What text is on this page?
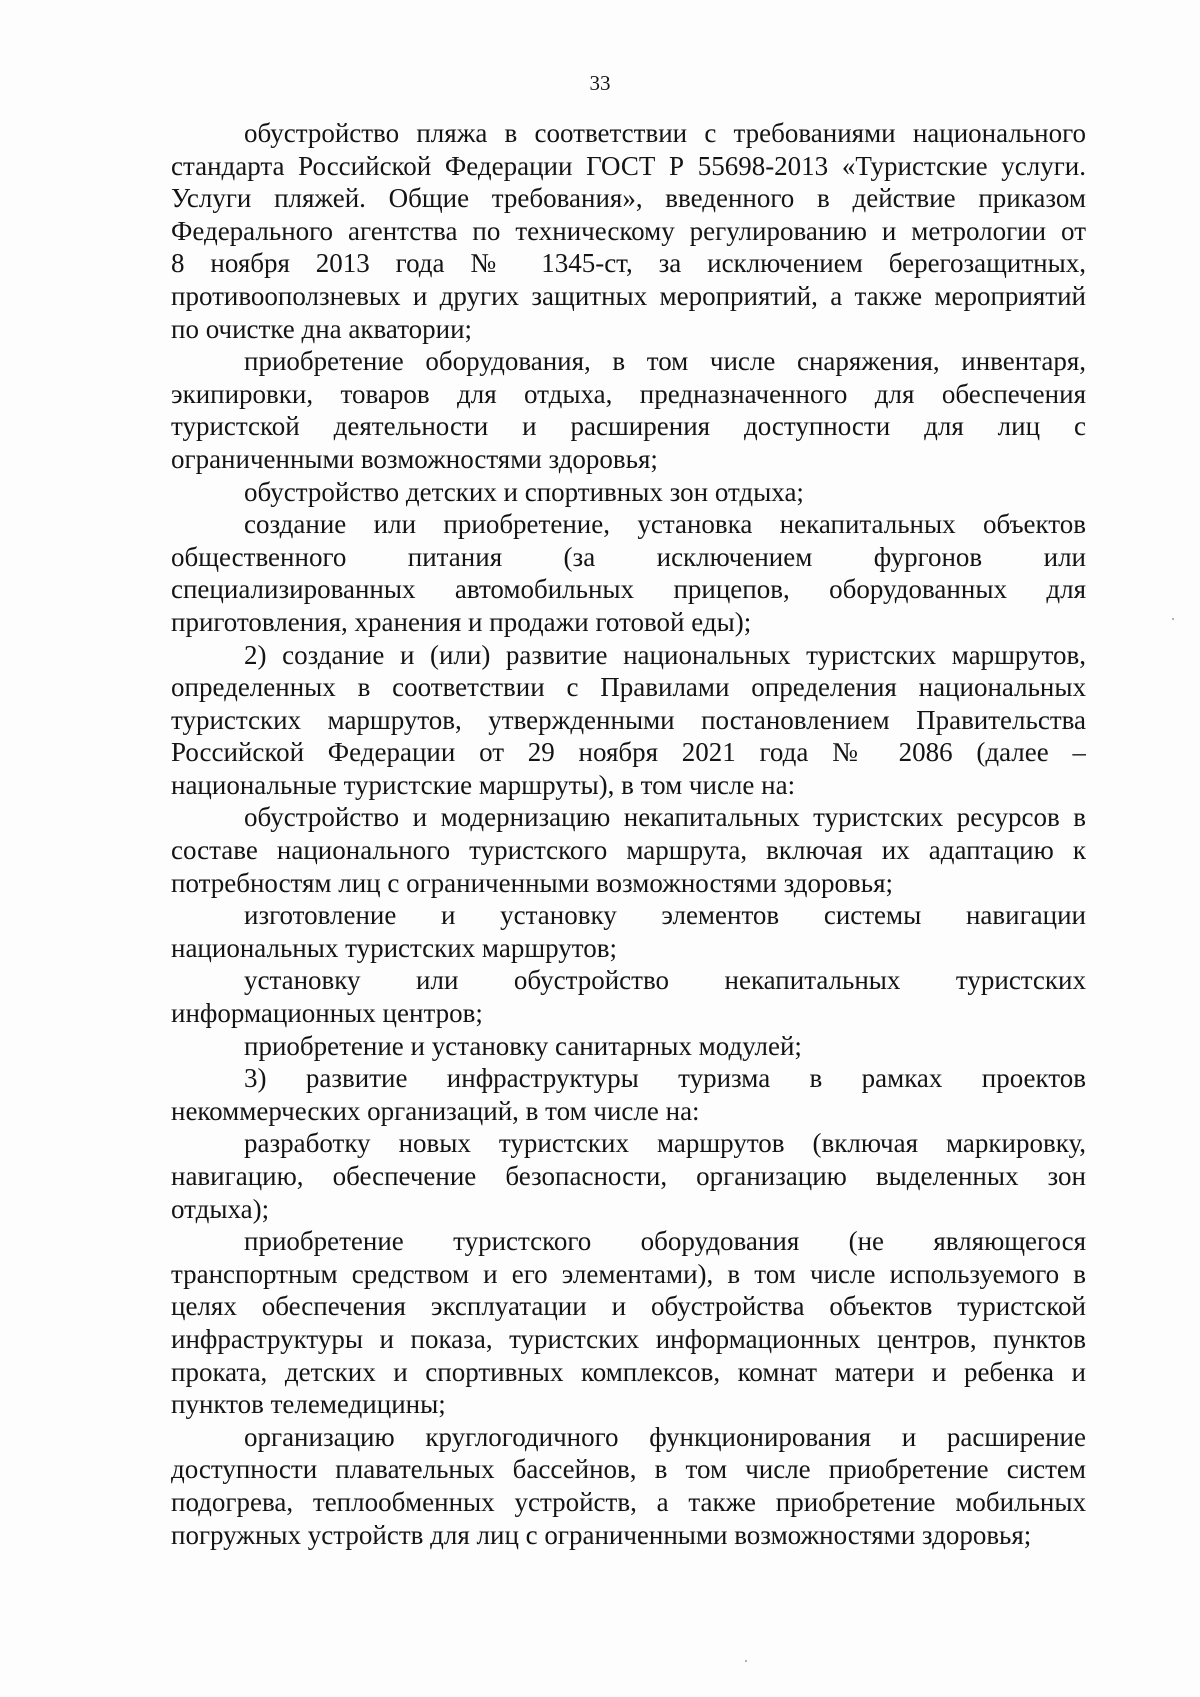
33
обустройство пляжа в соответствии с требованиями национального
стандарта Российской Федерации ГОСТ Р 55698-2013 «Туристские услуги.
Услуги пляжей. Общие требования», введенного в действие приказом
Федерального агентства по техническому регулированию и метрологии от
8 ноября 2013 года № 1345-ст, за исключением берегозащитных,
противооползневых и других защитных мероприятий, а также мероприятий
по очистке дна акватории;
приобретение оборудования, в том числе снаряжения, инвентаря,
экипировки, товаров для отдыха, предназначенного для обеспечения
туристской деятельности и расширения доступности для лиц с
ограниченными возможностями здоровья;
обустройство детских и спортивных зон отдыха;
создание или приобретение, установка некапитальных объектов
общественного питания (за исключением фургонов или
специализированных автомобильных прицепов, оборудованных для
приготовления, хранения и продажи готовой еды);
2) создание и (или) развитие национальных туристских маршрутов,
определенных в соответствии с Правилами определения национальных
туристских маршрутов, утвержденными постановлением Правительства
Российской Федерации от 29 ноября 2021 года № 2086 (далее –
национальные туристские маршруты), в том числе на:
обустройство и модернизацию некапитальных туристских ресурсов в
составе национального туристского маршрута, включая их адаптацию к
потребностям лиц с ограниченными возможностями здоровья;
изготовление и установку элементов системы навигации
национальных туристских маршрутов;
установку или обустройство некапитальных туристских
информационных центров;
приобретение и установку санитарных модулей;
3) развитие инфраструктуры туризма в рамках проектов
некоммерческих организаций, в том числе на:
разработку новых туристских маршрутов (включая маркировку,
навигацию, обеспечение безопасности, организацию выделенных зон
отдыха);
приобретение туристского оборудования (не являющегося
транспортным средством и его элементами), в том числе используемого в
целях обеспечения эксплуатации и обустройства объектов туристской
инфраструктуры и показа, туристских информационных центров, пунктов
проката, детских и спортивных комплексов, комнат матери и ребенка и
пунктов телемедицины;
организацию круглогодичного функционирования и расширение
доступности плавательных бассейнов, в том числе приобретение систем
подогрева, теплообменных устройств, а также приобретение мобильных
погружных устройств для лиц с ограниченными возможностями здоровья;
